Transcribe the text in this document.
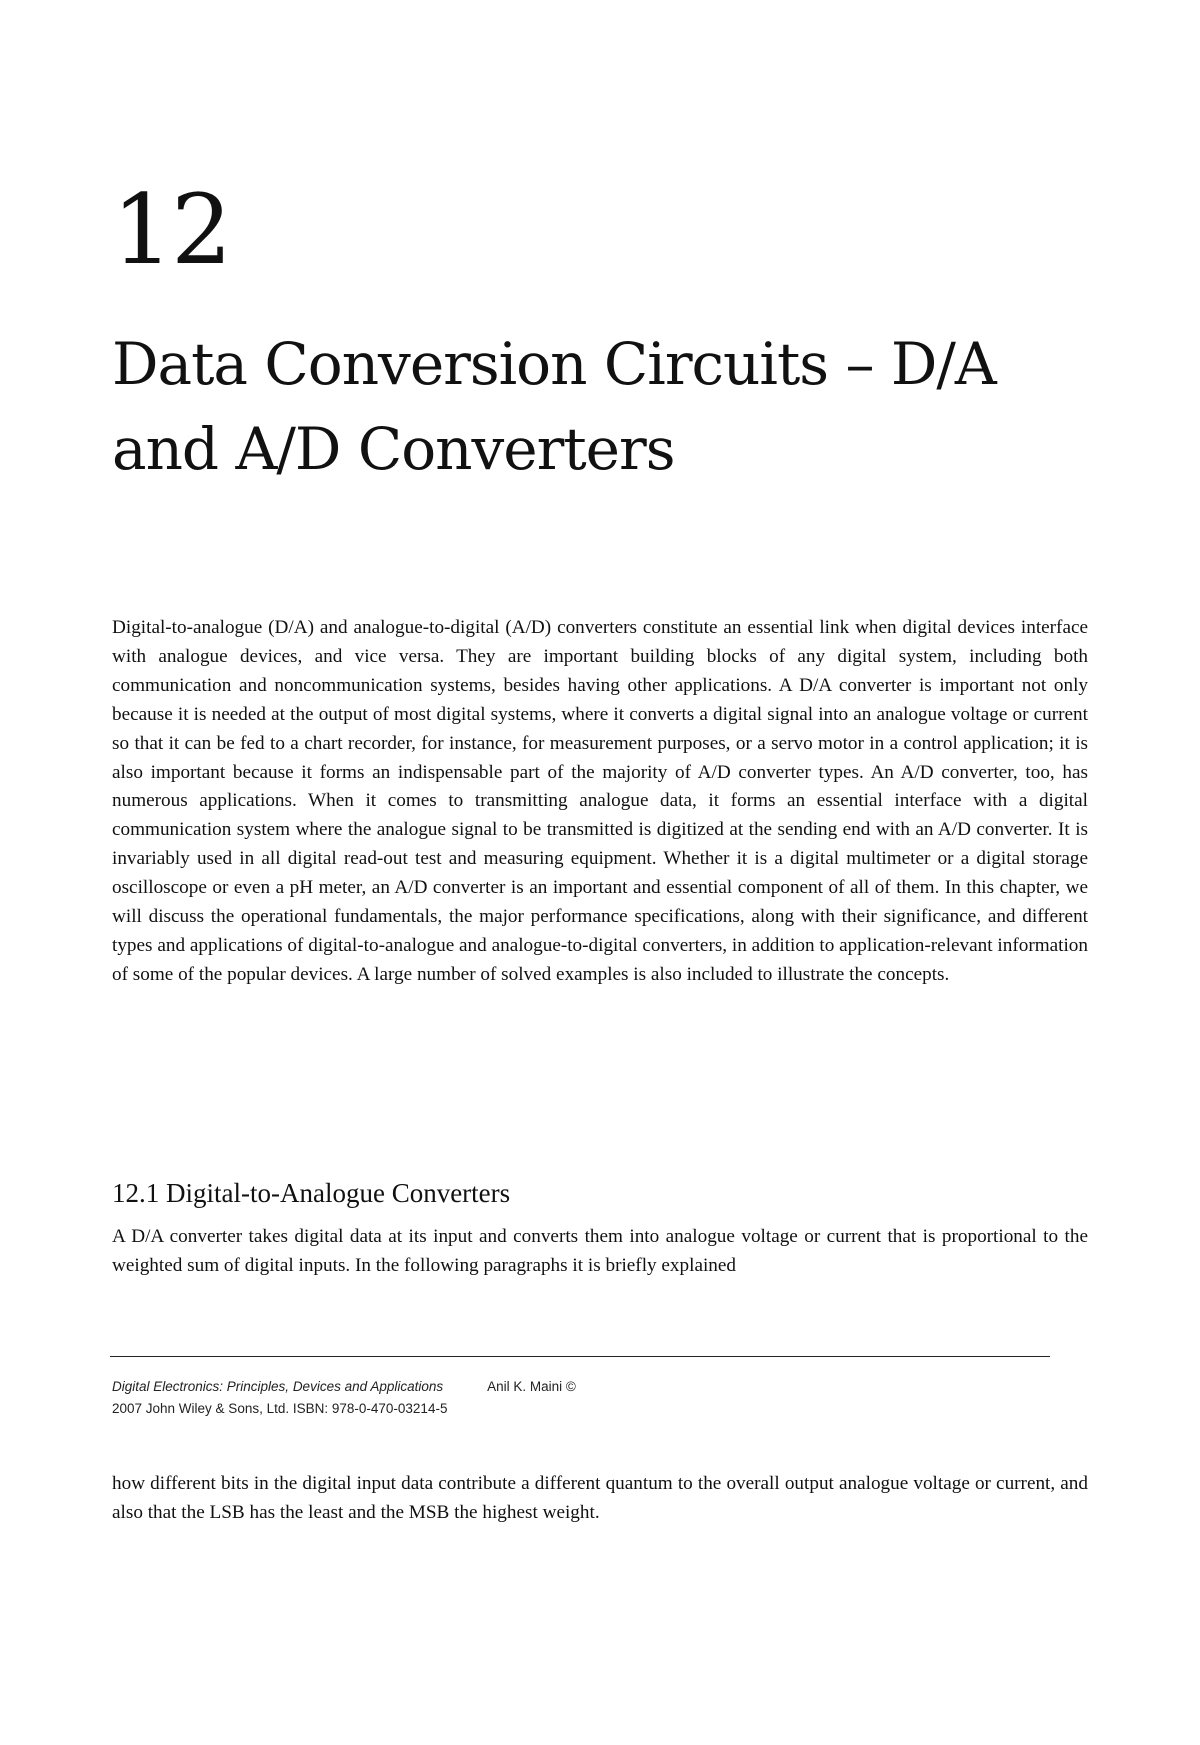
12
Data Conversion Circuits – D/A and A/D Converters

Digital-to-analogue (D/A) and analogue-to-digital (A/D) converters constitute an essential link when digital devices interface with analogue devices, and vice versa. They are important building blocks of any digital system, including both communication and noncommunication systems, besides having other applications. A D/A converter is important not only because it is needed at the output of most digital systems, where it converts a digital signal into an analogue voltage or current so that it can be fed to a chart recorder, for instance, for measurement purposes, or a servo motor in a control application; it is also important because it forms an indispensable part of the majority of A/D converter types. An A/D converter, too, has numerous applications. When it comes to transmitting analogue data, it forms an essential interface with a digital communication system where the analogue signal to be transmitted is digitized at the sending end with an A/D converter. It is invariably used in all digital read-out test and measuring equipment. Whether it is a digital multimeter or a digital storage oscilloscope or even a pH meter, an A/D converter is an important and essential component of all of them. In this chapter, we will discuss the operational fundamentals, the major performance specifications, along with their significance, and different types and applications of digital-to-analogue and analogue-to-digital converters, in addition to application-relevant information of some of the popular devices. A large number of solved examples is also included to illustrate the concepts.

12.1 Digital-to-Analogue Converters

A D/A converter takes digital data at its input and converts them into analogue voltage or current that is proportional to the weighted sum of digital inputs. In the following paragraphs it is briefly explained

Digital Electronics: Principles, Devices and Applications	Anil K. Maini ©
2007 John Wiley & Sons, Ltd. ISBN: 978-0-470-03214-5

how different bits in the digital input data contribute a different quantum to the overall output analogue voltage or current, and also that the LSB has the least and the MSB the highest weight.
